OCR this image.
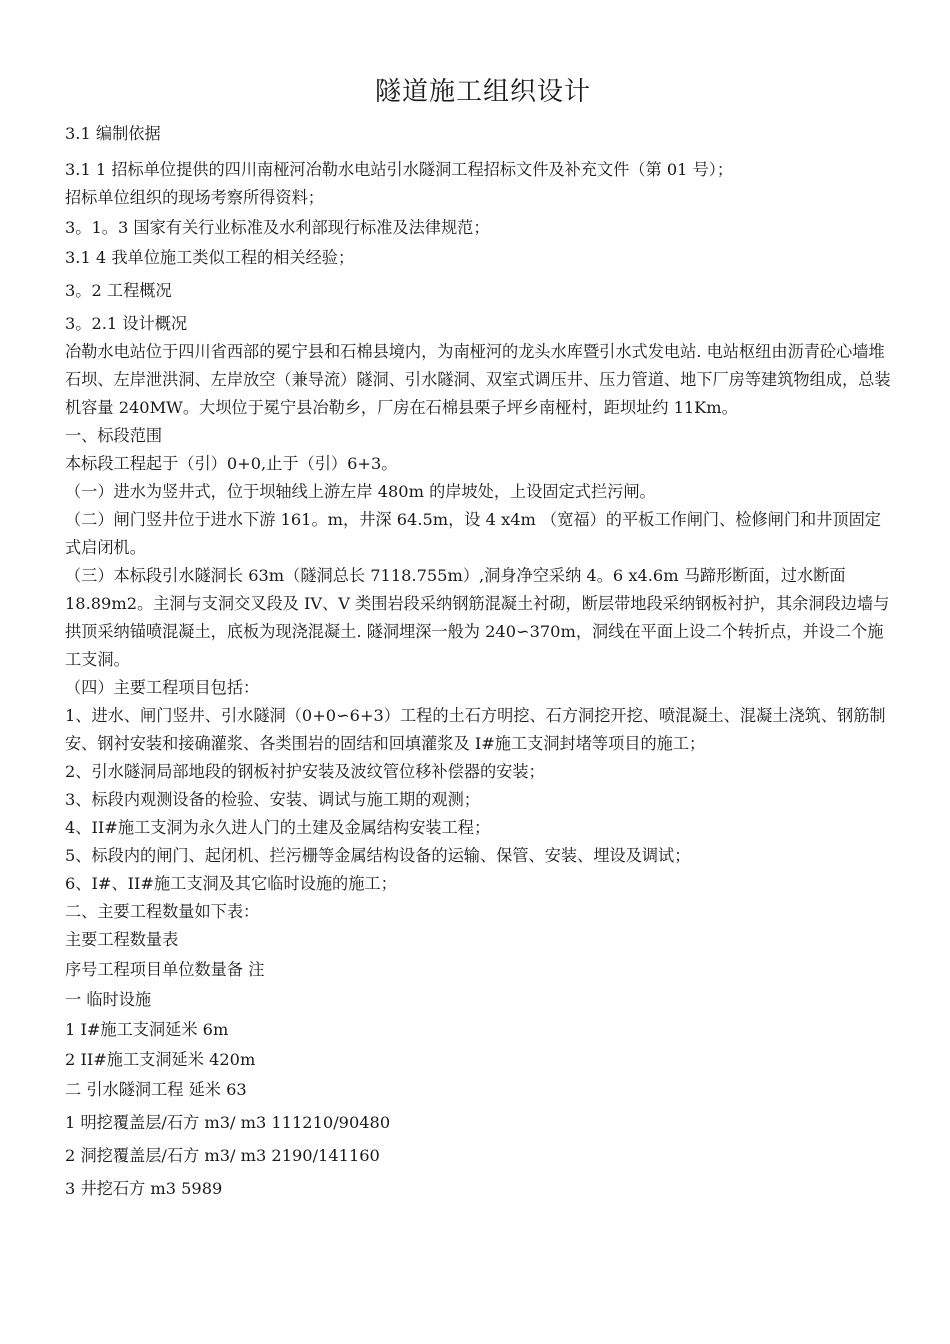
隧道施工组织设计

3.1 编制依据

3.1 1 招标单位提供的四川南桠河冶勒水电站引水隧洞工程招标文件及补充文件（第 01 号）；

招标单位组织的现场考察所得资料；

3。1。3 国家有关行业标准及水利部现行标准及法律规范；

3.1 4 我单位施工类似工程的相关经验；

3。2 工程概况

3。2.1 设计概况

冶勒水电站位于四川省西部的冕宁县和石棉县境内，为南桠河的龙头水库暨引水式发电站. 电站枢纽由沥青砼心墙堆石坝、左岸泄洪洞、左岸放空（兼导流）隧洞、引水隧洞、双室式调压井、压力管道、地下厂房等建筑物组成，总装机容量 240MW。大坝位于冕宁县冶勒乡，厂房在石棉县栗子坪乡南桠村，距坝址约 11Km。

一、标段范围

本标段工程起于（引）0+0,止于（引）6+3。

（一）进水为竖井式，位于坝轴线上游左岸 480m 的岸坡处，上设固定式拦污闸。

（二）闸门竖井位于进水下游 161。m，井深 64.5m，设 4 x4m （宽福）的平板工作闸门、检修闸门和井顶固定式启闭机。

（三）本标段引水隧洞长 63m（隧洞总长 7118.755m）,洞身净空采纳 4。6 x4.6m 马蹄形断面，过水断面 18.89m2。主洞与支洞交叉段及 IV、V 类围岩段采纳钢筋混凝土衬砌，断层带地段采纳钢板衬护，其余洞段边墙与拱顶采纳锚喷混凝土，底板为现浇混凝土. 隧洞埋深一般为 240∽370m，洞线在平面上设二个转折点，并设二个施工支洞。

（四）主要工程项目包括：

1、进水、闸门竖井、引水隧洞（0+0∽6+3）工程的土石方明挖、石方洞挖开挖、喷混凝土、混凝土浇筑、钢筋制安、钢衬安装和接确灌浆、各类围岩的固结和回填灌浆及 I#施工支洞封堵等项目的施工；

2、引水隧洞局部地段的钢板衬护安装及波纹管位移补偿器的安装；

3、标段内观测设备的检验、安装、调试与施工期的观测；

4、II#施工支洞为永久进人门的土建及金属结构安装工程；

5、标段内的闸门、起闭机、拦污栅等金属结构设备的运输、保管、安装、埋设及调试；

6、I#、II#施工支洞及其它临时设施的施工；

二、主要工程数量如下表：

主要工程数量表

序号工程项目单位数量备 注

一 临时设施

1 I#施工支洞延米 6m

2 II#施工支洞延米 420m

二 引水隧洞工程 延米 63

1 明挖覆盖层/石方 m3/ m3 111210/90480

2 洞挖覆盖层/石方 m3/ m3 2190/141160

3 井挖石方 m3 5989
